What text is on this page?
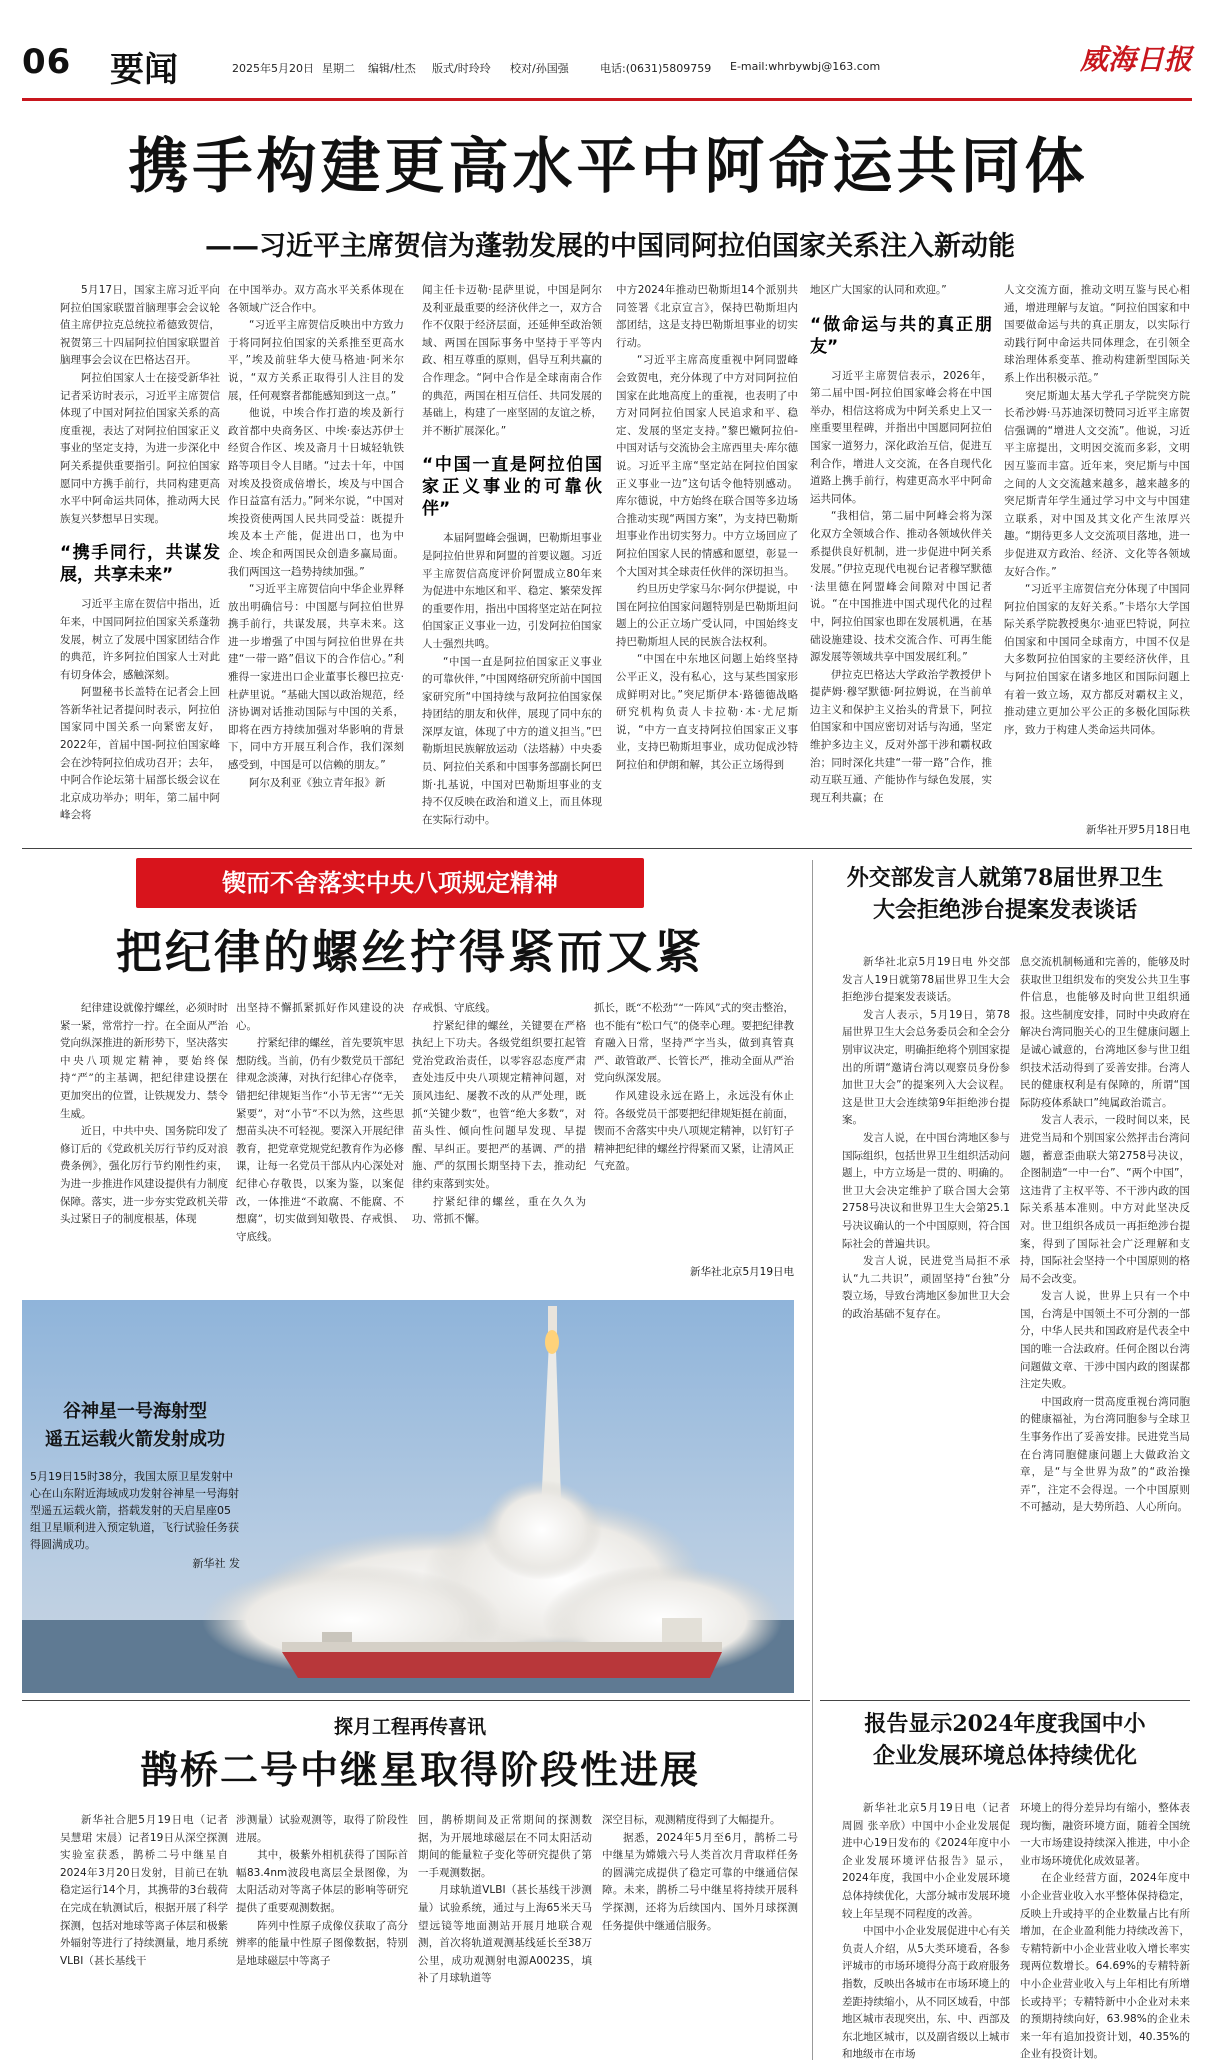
06 要闻	2025年5月20日 星期二 编辑/杜杰 版式/时玲玲 校对/孙国强	电话:(0631)5809759 E-mail:whrbywbj@163.com	威海日报
携手构建更高水平中阿命运共同体
——习近平主席贺信为蓬勃发展的中国同阿拉伯国家关系注入新动能

5月17日，国家主席习近平向阿拉伯国家联盟首脑理事会会议轮值主席伊拉克总统拉希德致贺信，祝贺第三十四届阿拉伯国家联盟首脑理事会会议在巴格达召开。

阿拉伯国家人士在接受新华社记者采访时表示，习近平主席贺信体现了中国对阿拉伯国家关系的高度重视，表达了对阿拉伯国家正义事业的坚定支持，为进一步深化中阿关系提供重要指引。阿拉伯国家愿同中方携手前行，共同构建更高水平中阿命运共同体，推动两大民族复兴梦想早日实现。

“携手同行，共谋发展，共享未来”

习近平主席在贺信中指出，近年来，中国同阿拉伯国家关系蓬勃发展，树立了发展中国家团结合作的典范，许多阿拉伯国家人士对此有切身体会，感触深刻。

阿盟秘书长盖特在记者会上回答新华社记者提问时表示，阿拉伯国家同中国关系一向紧密友好，2022年，首届中国-阿拉伯国家峰会在沙特阿拉伯成功召开；去年，中阿合作论坛第十届部长级会议在北京成功举办；明年，第二届中阿峰会将

在中国举办。双方高水平关系体现在各领域广泛合作中。

“习近平主席贺信反映出中方致力于将同阿拉伯国家的关系推至更高水平，”埃及前驻华大使马格迪·阿米尔说，“双方关系正取得引人注目的发展，任何观察者都能感知到这一点。”

他说，中埃合作打造的埃及新行政首都中央商务区、中埃·泰达苏伊士经贸合作区、埃及斋月十日城轻轨铁路等项目令人目睹。“过去十年，中国对埃及投资成倍增长，埃及与中国合作日益富有活力。”阿米尔说，“中国对埃投资使两国人民共同受益：既提升埃及本土产能，促进出口，也为中企、埃企和两国民众创造多赢局面。我们两国这一趋势持续加强。”

“习近平主席贺信向中华企业界释放出明确信号：中国愿与阿拉伯世界携手前行，共谋发展，共享未来。这进一步增强了中国与阿拉伯世界在共建“一带一路”倡议下的合作信心。”利雅得一家进出口企业董事长穆巴拉克·杜萨里说。“基础大国以政治规范，经济协调对话推动国际与中国的关系，即将在西方持续加强对华影响的背景下，同中方开展互利合作，我们深刻感受到，中国是可以信赖的朋友。”

阿尔及利亚《独立青年报》新

闻主任卡迈勒·昆萨里说，中国是阿尔及利亚最重要的经济伙伴之一，双方合作不仅限于经济层面，还延伸至政治领域、两国在国际事务中坚持于平等内政、相互尊重的原则，倡导互利共赢的合作理念。“阿中合作是全球南南合作的典范，两国在相互信任、共同发展的基础上，构建了一座坚固的友谊之桥，并不断扩展深化。”

“中国一直是阿拉伯国家正义事业的可靠伙伴”

本届阿盟峰会强调，巴勒斯坦事业是阿拉伯世界和阿盟的首要议题。习近平主席贺信高度评价阿盟成立80年来为促进中东地区和平、稳定、繁荣发挥的重要作用，指出中国将坚定站在阿拉伯国家正义事业一边，引发阿拉伯国家人士强烈共鸣。

“中国一直是阿拉伯国家正义事业的可靠伙伴，”中国网络研究所前中国国家研究所“中国持续与敌阿拉伯国家保持团结的朋友和伙伴，展现了同中东的深厚友谊，体现了中方的道义担当。”巴勒斯坦民族解放运动（法塔赫）中央委员、阿拉伯关系和中国事务部副长阿巴斯·扎基说，中国对巴勒斯坦事业的支持不仅反映在政治和道义上，而且体现在实际行动中。

中方2024年推动巴勒斯坦14个派别共同签署《北京宣言》，保持巴勒斯坦内部团结，这是支持巴勒斯坦事业的切实行动。

“习近平主席高度重视中阿同盟峰会致贺电，充分体现了中方对同阿拉伯国家在此地高度上的重视，也表明了中方对同阿拉伯国家人民追求和平、稳定、发展的坚定支持。”黎巴嫩阿拉伯-中国对话与交流协会主席西里夫·库尔德说。习近平主席“坚定站在阿拉伯国家正义事业一边”这句话令他特别感动。库尔德说，中方始终在联合国等多边场合推动实现“两国方案”，为支持巴勒斯坦事业作出切实努力。中方立场回应了阿拉伯国家人民的情感和愿望，彰显一个大国对其全球责任伙伴的深切担当。

约旦历史学家马尔·阿尔伊提说，中国在阿拉伯国家问题特别是巴勒斯坦问题上的公正立场广受认同，中国始终支持巴勒斯坦人民的民族合法权利。

“中国在中东地区问题上始终坚持公平正义，没有私心，这与某些国家形成鲜明对比。”突尼斯伊本·路德德战略研究机构负责人卡拉勒·本·尤尼斯说，“中方一直支持阿拉伯国家正义事业，支持巴勒斯坦事业，成功促成沙特阿拉伯和伊朗和解，其公正立场得到

地区广大国家的认同和欢迎。”

“做命运与共的真正朋友”

习近平主席贺信表示，2026年，第二届中国-阿拉伯国家峰会将在中国举办，相信这将成为中阿关系史上又一座重要里程碑，并指出中国愿同阿拉伯国家一道努力，深化政治互信，促进互利合作，增进人文交流，在各自现代化道路上携手前行，构建更高水平中阿命运共同体。

“我相信，第二届中阿峰会将为深化双方全领域合作、推动各领域伙伴关系提供良好机制，进一步促进中阿关系发展。”伊拉克现代电视台记者穆罕默德·法里德在阿盟峰会间隙对中国记者说。“在中国推进中国式现代化的过程中，阿拉伯国家也即在发展机遇，在基础设施建设、技术交流合作、可再生能源发展等领域共享中国发展红利。”

伊拉克巴格达大学政治学教授伊卜提萨姆·穆罕默德·阿拉姆说，在当前单边主义和保护主义抬头的背景下，阿拉伯国家和中国应密切对话与沟通，坚定维护多边主义，反对外部干涉和霸权政治；同时深化共建“一带一路”合作，推动互联互通、产能协作与绿色发展，实现互利共赢；在

人文交流方面，推动文明互鉴与民心相通，增进理解与友谊。“阿拉伯国家和中国要做命运与共的真正朋友，以实际行动践行阿中命运共同体理念，在引领全球治理体系变革、推动构建新型国际关系上作出积极示范。”

突尼斯迦太基大学孔子学院突方院长希沙姆·马苏迪深切赞同习近平主席贺信强调的“增进人文交流”。他说，习近平主席提出，文明因交流而多彩，文明因互鉴而丰富。近年来，突尼斯与中国之间的人文交流越来越多，越来越多的突尼斯青年学生通过学习中文与中国建立联系，对中国及其文化产生浓厚兴趣。“期待更多人文交流项目落地，进一步促进双方政治、经济、文化等各领域友好合作。”

“习近平主席贺信充分体现了中国同阿拉伯国家的友好关系。”卡塔尔大学国际关系学院教授奥尔·迪亚巴特说，阿拉伯国家和中国同全球南方，中国不仅是大多数阿拉伯国家的主要经济伙伴，且与阿拉伯国家在诸多地区和国际问题上有着一致立场，双方都反对霸权主义，推动建立更加公平公正的多极化国际秩序，致力于构建人类命运共同体。

新华社开罗5月18日电
锲而不舍落实中央八项规定精神
把纪律的螺丝拧得紧而又紧

纪律建设就像拧螺丝，必须时时紧一紧，常常拧一拧。在全面从严治党向纵深推进的新形势下，坚决落实中央八项规定精神，要始终保持“严”的主基调，把纪律建设摆在更加突出的位置，让铁规发力、禁令生威。

近日，中共中央、国务院印发了修订后的《党政机关厉行节约反对浪费条例》，强化厉行节约刚性约束，为进一步推进作风建设提供有力制度保障。落实，进一步夯实党政机关带头过紧日子的制度根基，体现

出坚持不懈抓紧抓好作风建设的决心。

拧紧纪律的螺丝，首先要筑牢思想防线。当前，仍有少数党员干部纪律观念淡薄，对执行纪律心存侥幸，错把纪律规矩当作“小节无害”“无关紧要”，对“小节”不以为然，这些思想苗头决不可轻视。要深入开展纪律教育，把党章党规党纪教育作为必修课，让每一名党员干部从内心深处对纪律心存敬畏，以案为鉴，以案促改，一体推进“不敢腐、不能腐、不想腐”，切实做到知敬畏、存戒惧、守底线。

存戒惧、守底线。

拧紧纪律的螺丝，关键要在严格执纪上下功夫。各级党组织要扛起管党治党政治责任，以零容忍态度严肃查处违反中央八项规定精神问题，对顶风违纪、屡教不改的从严处理，既抓“关键少数”，也管“绝大多数”，对苗头性、倾向性问题早发现、早提醒、早纠正。要把严的基调、严的措施、严的氛围长期坚持下去，推动纪律约束落到实处。

拧紧纪律的螺丝，重在久久为功、常抓不懈。

抓长，既“不松劲”“一阵风”式的突击整治，也不能有“松口气”的侥幸心理。要把纪律教育融入日常，坚持严字当头，做到真管真严、敢管敢严、长管长严，推动全面从严治党向纵深发展。

作风建设永远在路上，永远没有休止符。各级党员干部要把纪律规矩挺在前面，锲而不舍落实中央八项规定精神，以钉钉子精神把纪律的螺丝拧得紧而又紧，让清风正气充盈。

新华社北京5月19日电
谷神星一号海射型
遥五运载火箭发射成功
5月19日15时38分，我国太原卫星发射中心在山东附近海域成功发射谷神星一号海射型遥五运载火箭，搭载发射的天启星座05组卫星顺利进入预定轨道，飞行试验任务获得圆满成功。
新华社 发
外交部发言人就第78届世界卫生
大会拒绝涉台提案发表谈话

新华社北京5月19日电 外交部发言人19日就第78届世界卫生大会拒绝涉台提案发表谈话。

发言人表示，5月19日，第78届世界卫生大会总务委员会和全会分别审议决定，明确拒绝将个别国家提出的所谓“邀请台湾以观察员身份参加世卫大会”的提案列入大会议程。这是世卫大会连续第9年拒绝涉台提案。

发言人说，在中国台湾地区参与国际组织，包括世界卫生组织活动问题上，中方立场是一贯的、明确的。世卫大会决定维护了联合国大会第2758号决议和世界卫生大会第25.1号决议确认的一个中国原则，符合国际社会的普遍共识。

发言人说，民进党当局拒不承认“九二共识”，顽固坚持“台独”分裂立场，导致台湾地区参加世卫大会的政治基础不复存在。

息交流机制畅通和完善的，能够及时获取世卫组织发布的突发公共卫生事件信息，也能够及时向世卫组织通报。这些制度安排，同时中央政府在解决台湾同胞关心的卫生健康问题上是诚心诚意的，台湾地区参与世卫组织技术活动得到了妥善安排。台湾人民的健康权利是有保障的，所谓“国际防疫体系缺口”纯属政治谎言。

发言人表示，一段时间以来，民进党当局和个别国家公然抨击台湾问题，蓄意歪曲联大第2758号决议，企图制造“一中一台”、“两个中国”，这违背了主权平等、不干涉内政的国际关系基本准则。中方对此坚决反对。世卫组织各成员一再拒绝涉台提案，得到了国际社会广泛理解和支持，国际社会坚持一个中国原则的格局不会改变。

发言人说，世界上只有一个中国，台湾是中国领土不可分割的一部分，中华人民共和国政府是代表全中国的唯一合法政府。任何企图以台湾问题做文章、干涉中国内政的图谋都注定失败。

中国政府一贯高度重视台湾同胞的健康福祉，为台湾同胞参与全球卫生事务作出了妥善安排。民进党当局在台湾同胞健康问题上大做政治文章，是“与全世界为敌”的“政治操弄”，注定不会得逞。一个中国原则不可撼动，是大势所趋、人心所向。

探月工程再传喜讯
鹊桥二号中继星取得阶段性进展

新华社合肥5月19日电（记者 吴慧珺 宋晨）记者19日从深空探测实验室获悉，鹊桥二号中继星自2024年3月20日发射，目前已在轨稳定运行14个月，其携带的3台载荷在完成在轨测试后，根据开展了科学探测，包括对地球等离子体层和极紫外辐射等进行了持续测量，地月系统VLBI（甚长基线干

涉测量）试验观测等，取得了阶段性进展。

其中，极紫外相机获得了国际首幅83.4nm波段电离层全景图像，为太阳活动对等离子体层的影响等研究提供了重要观测数据。

阵列中性原子成像仪获取了高分辨率的能量中性原子图像数据，特别是地球磁层中等离子

回，鹊桥期间及正常期间的探测数据，为开展地球磁层在不同太阳活动期间的能量粒子变化等研究提供了第一手观测数据。

月球轨道VLBI（甚长基线干涉测量）试验系统，通过与上海65米天马望远镜等地面测站开展月地联合观测，首次将轨道观测基线延长至38万公里，成功观测射电源A0023S，填补了月球轨道等

深空目标，观测精度得到了大幅提升。

据悉，2024年5月至6月，鹊桥二号中继星为嫦娥六号人类首次月背取样任务的圆满完成提供了稳定可靠的中继通信保障。未来，鹊桥二号中继星将持续开展科学探测，还将为后续国内、国外月球探测任务提供中继通信服务。

报告显示2024年度我国中小
企业发展环境总体持续优化

新华社北京5月19日电（记者 周圆 张辛欣）中国中小企业发展促进中心19日发布的《2024年度中小企业发展环境评估报告》显示，2024年度，我国中小企业发展环境总体持续优化，大部分城市发展环境较上年呈现不同程度的改善。

中国中小企业发展促进中心有关负责人介绍，从5大类环境看，各参评城市的市场环境得分高于政府服务指数，反映出各城市在市场环境上的差距持续缩小，从不同区域看，中部地区城市表现突出，东、中、西部及东北地区城市，以及副省级以上城市和地级市在市场

环境上的得分差异均有缩小，整体表现均衡，融资环境方面，随着全国统一大市场建设持续深入推进，中小企业市场环境优化成效显著。

在企业经营方面，2024年度中小企业营业收入水平整体保持稳定，反映上升或持平的企业数量占比有所增加，在企业盈利能力持续改善下，专精特新中小企业营业收入增长率实现两位数增长。64.69%的专精特新中小企业营业收入与上年相比有所增长或持平；专精特新中小企业对未来的预期持续向好，63.98%的企业未来一年有追加投资计划，40.35%的企业有投资计划。
